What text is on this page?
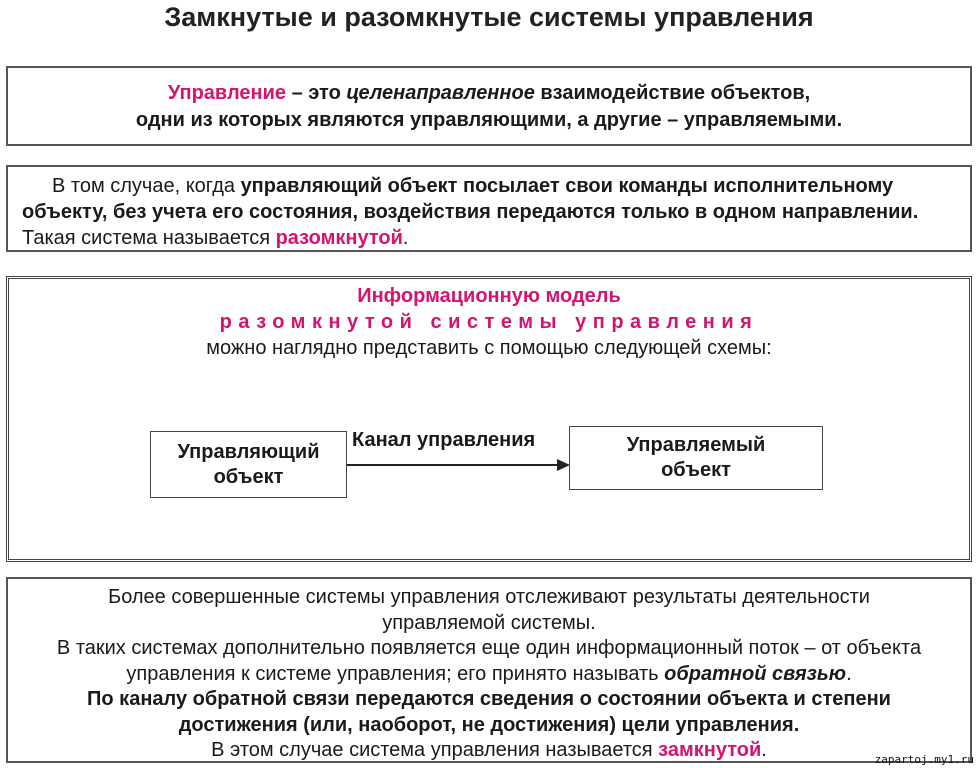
Замкнутые и разомкнутые системы управления
Управление – это целенаправленное взаимодействие объектов,
одни из которых являются управляющими, а другие – управляемыми.
В том случае, когда управляющий объект посылает свои команды исполнительному объекту, без учета его состояния, воздействия передаются только в одном направлении. Такая система называется разомкнутой.
Информационную модель
разомкнутой системы управления
можно наглядно представить с помощью следующей схемы:
Управляющий объект
Канал управления	Управляемый объект
Более совершенные системы управления отслеживают результаты деятельности управляемой системы.
В таких системах дополнительно появляется еще один информационный поток – от объекта управления к системе управления; его принято называть обратной связью.
По каналу обратной связи передаются сведения о состоянии объекта и степени достижения (или, наоборот, не достижения) цели управления.
В этом случае система управления называется замкнутой.	zapartoj.my1.ru
